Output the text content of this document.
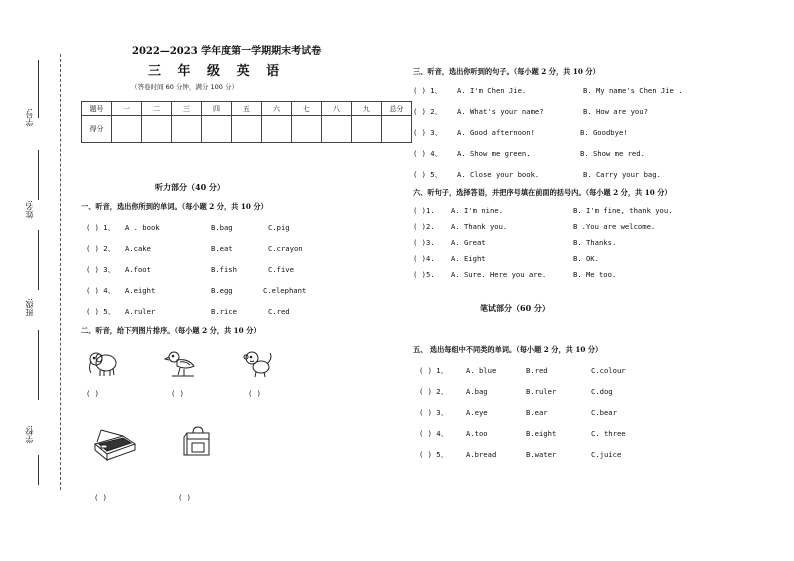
学号:
姓名:
班级:
学校:
2022—2023 学年度第一学期期末考试卷
三 年 级 英 语
（答卷时间 60 分钟，满分 100 分）
题号	一	二	三	四	五	六	七	八	九	总分
得分										
听力部分（40 分）
一、听音，选出你所到的单词。（每小题 2 分，共 10 分）
( ) 1、 A . book	B.bag	C.pig
( ) 2、 A.cake	B.eat	C.crayon
( ) 3、 A.foot	B.fish	C.five
( ) 4、 A.eight	B.egg	C.elephant
( ) 5、 A.ruler	B.rice	C.red
二、听音，给下列图片排序。（每小题 2 分，共 10 分）
( )	( )	( )
( )	( )
三、听音，选出你听到的句子。（每小题 2 分，共 10 分）
( ) 1、 A. I'm Chen Jie.	B. My name's Chen Jie .
( ) 2、 A. What's your name?	B. How are you?
( ) 3、 A. Good afternoon!	B. Goodbye!
( ) 4、 A. Show me green.	B. Show me red.
( ) 5、 A. Close your book.	B. Carry your bag.
六、听句子，选择答语，并把序号填在前面的括号内。（每小题 2 分，共 10 分）
( )1. A. I'm nine.	B. I'm fine, thank you.
( )2. A. Thank you.	B .You are welcome.
( )3. A. Great	B. Thanks.
( )4. A. Eight	B. OK.
( )5. A. Sure. Here you are.	B. Me too.
笔试部分（60 分）
五、 选出每组中不同类的单词。（每小题 2 分，共 10 分）
( ) 1、	A. blue	B.red	C.colour
( ) 2、	A.bag	B.ruler	C.dog
( ) 3、	A.eye	B.ear	C.bear
( ) 4、	A.too	B.eight	C. three
( ) 5、	A.bread	B.water	C.juice
